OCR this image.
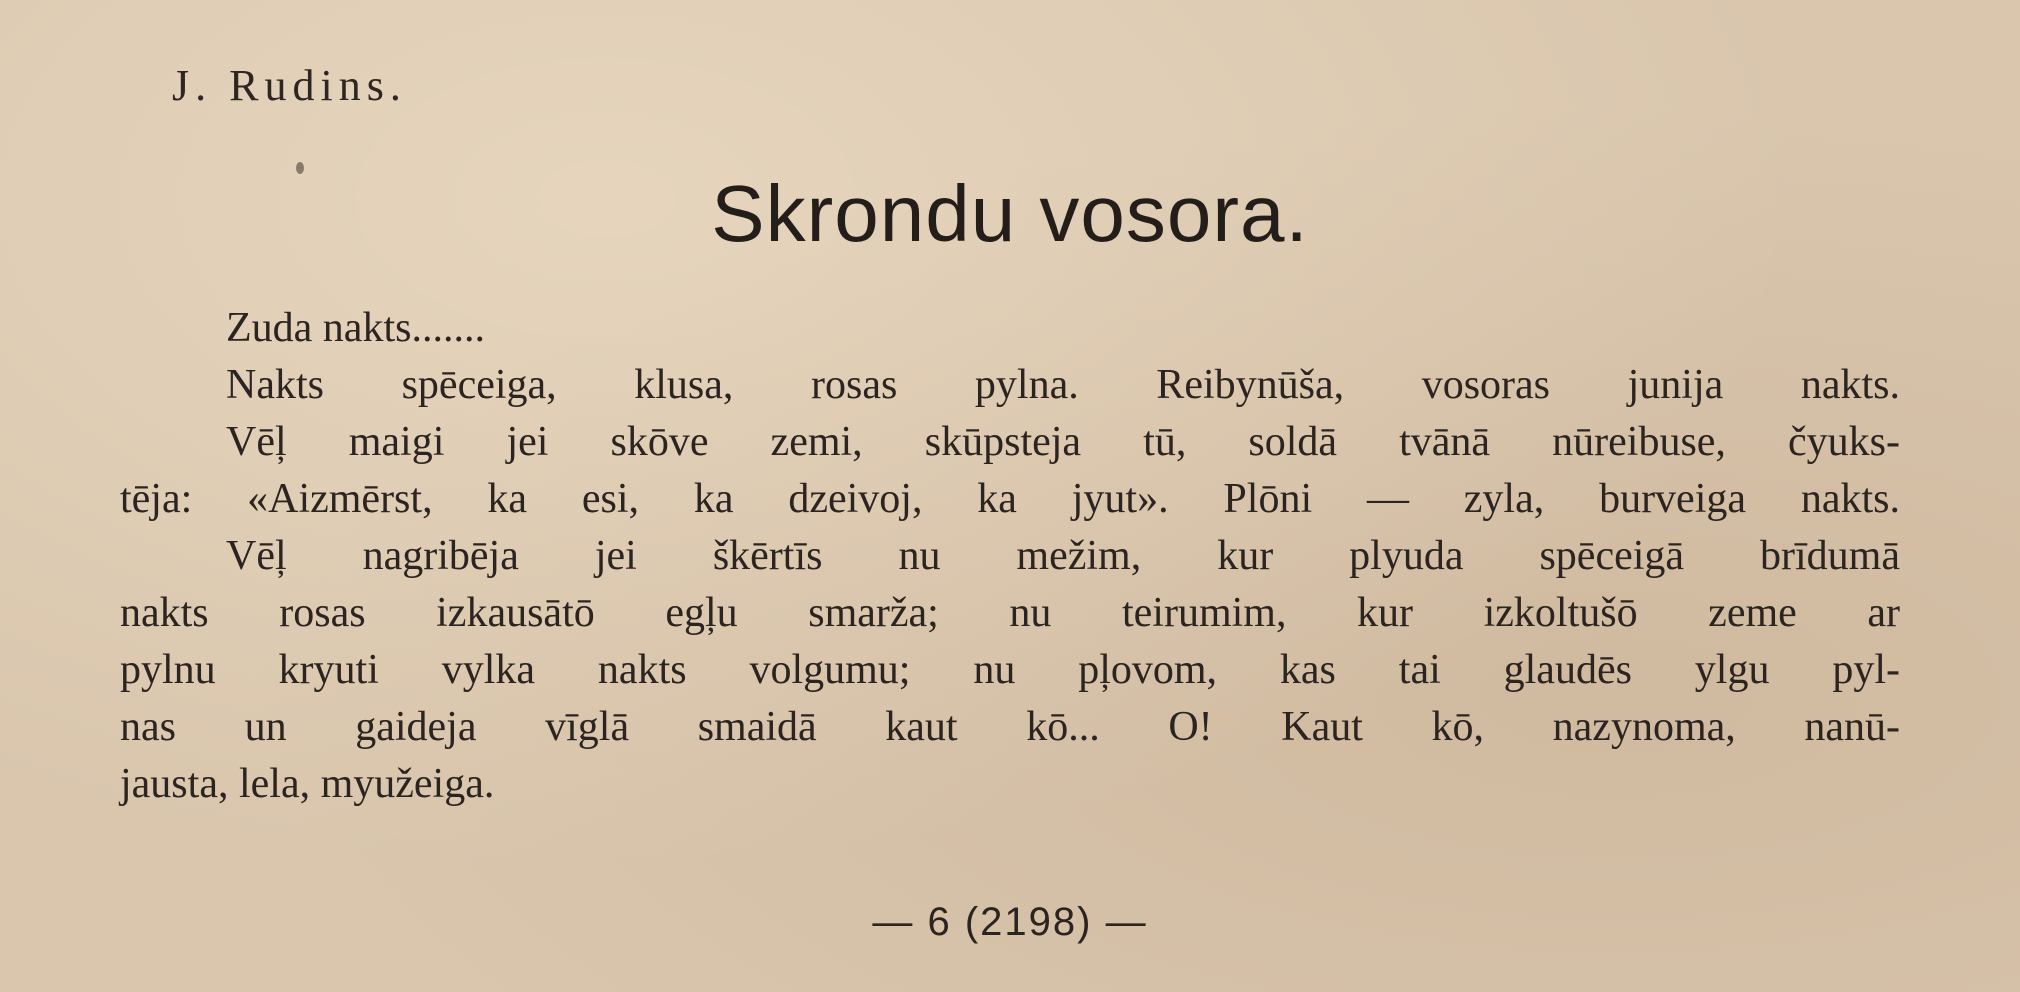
J. Rudins.
Skrondu vosora.
Zuda nakts.......
Nakts spēceiga, klusa, rosas pylna. Reibynūša, vosoras junija nakts.
Vēļ maigi jei skōve zemi, skūpsteja tū, soldā tvānā nūreibuse, čyuks-
tēja: «Aizmērst, ka esi, ka dzeivoj, ka jyut». Plōni — zyla, burveiga nakts.
Vēļ nagribēja jei škērtīs nu mežim, kur plyuda spēceigā brīdumā
nakts rosas izkausātō egļu smarža; nu teirumim, kur izkoltušō zeme ar
pylnu kryuti vylka nakts volgumu; nu pļovom, kas tai glaudēs ylgu pyl-
nas un gaideja vīglā smaidā kaut kō... O! Kaut kō, nazynoma, nanū-
jausta, lela, myužeiga.
— 6 (2198) —
